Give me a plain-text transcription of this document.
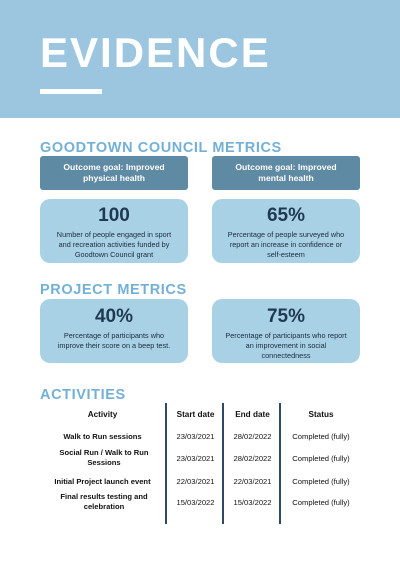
EVIDENCE
GOODTOWN COUNCIL METRICS
Outcome goal: Improved physical health
Outcome goal: Improved mental health
100
Number of people engaged in sport and recreation activities funded by Goodtown Council grant
65%
Percentage of people surveyed who report an increase in confidence or self-esteem
PROJECT METRICS
40%
Percentage of participants who improve their score on a beep test.
75%
Percentage of participants who report an improvement in social connectedness
ACTIVITIES
Activity	Start date	End date	Status
Walk to Run sessions	23/03/2021	28/02/2022	Completed (fully)
Social Run / Walk to Run Sessions	23/03/2021	28/02/2022	Completed (fully)
Initial Project launch event	22/03/2021	22/03/2021	Completed (fully)
Final results testing and celebration	15/03/2022	15/03/2022	Completed (fully)
